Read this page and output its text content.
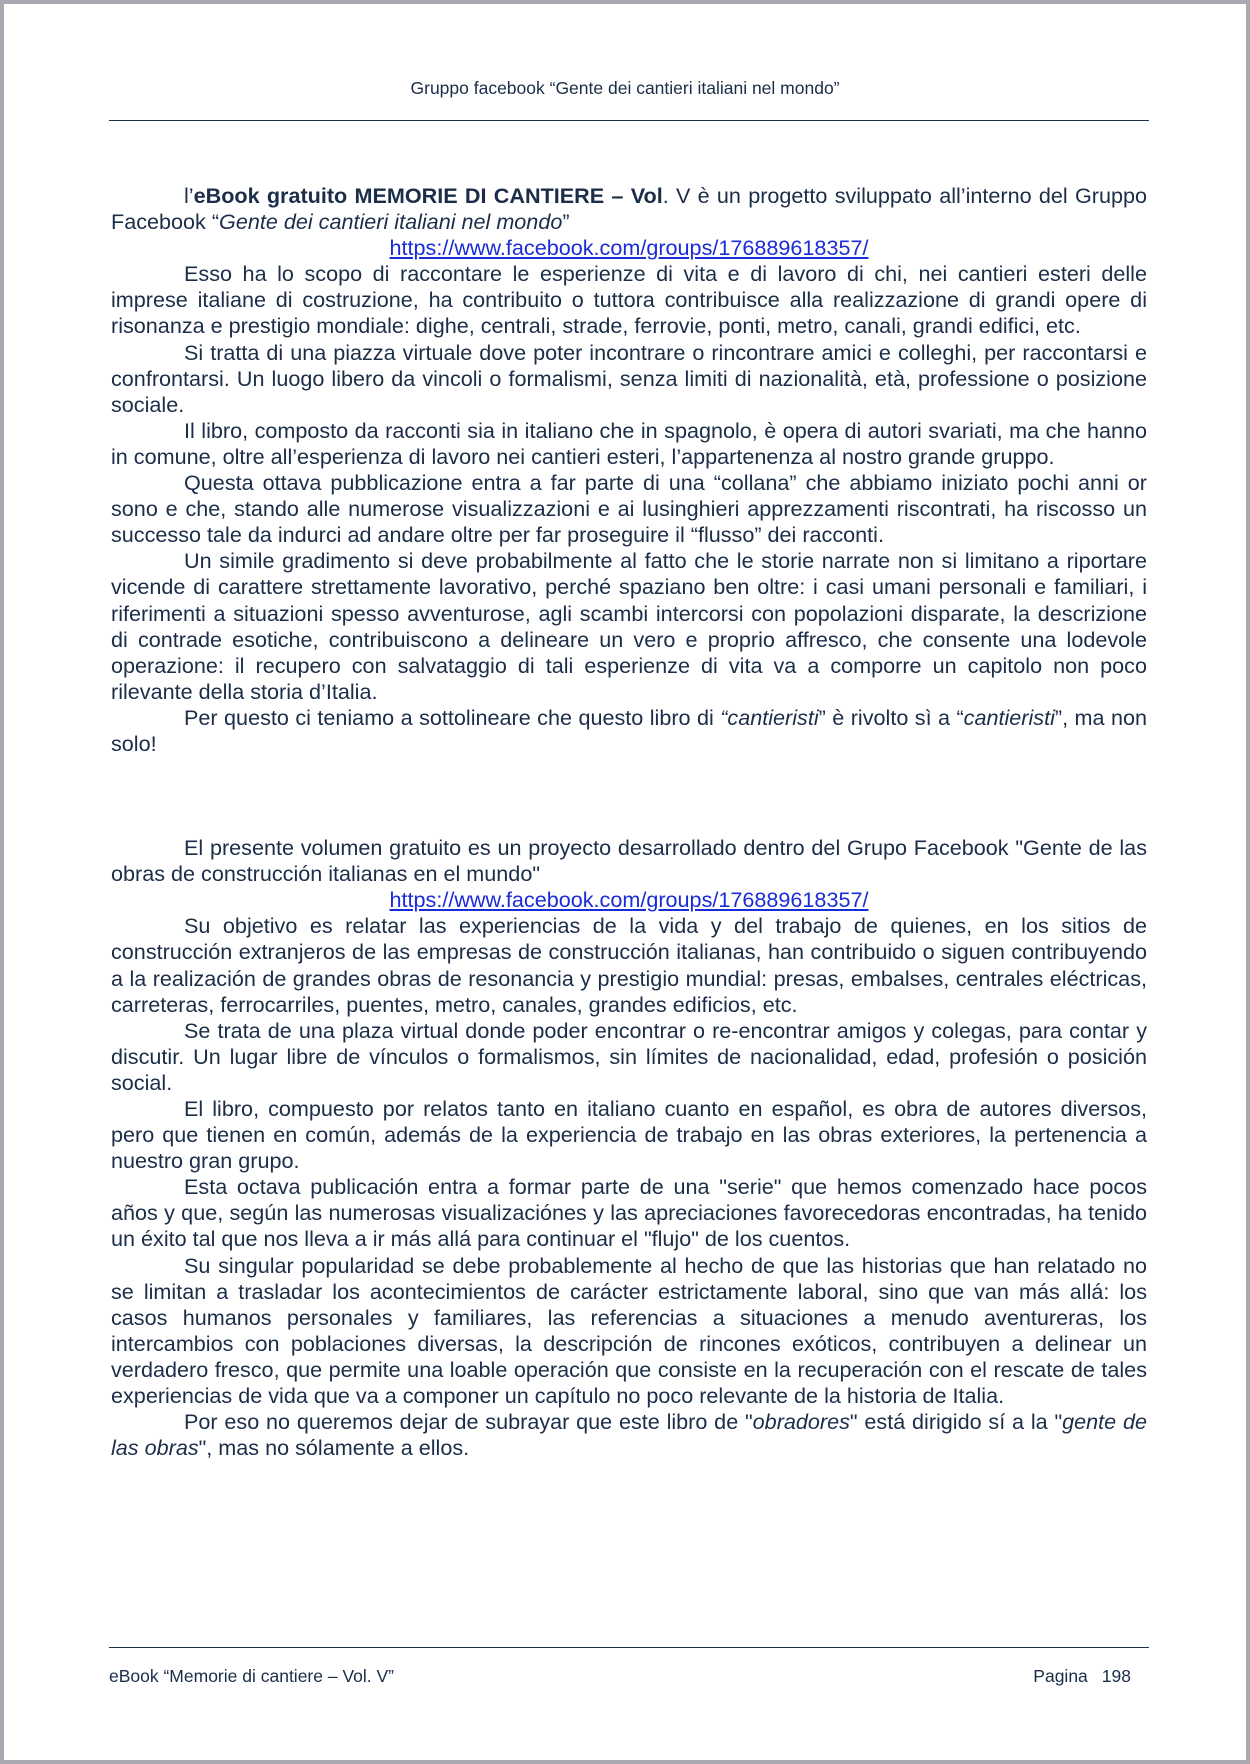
Gruppo facebook “Gente dei cantieri italiani nel mondo”

l’eBook gratuito MEMORIE DI CANTIERE – Vol. V è un progetto sviluppato all’interno del Gruppo Facebook “Gente dei cantieri italiani nel mondo”

https://www.facebook.com/groups/176889618357/

Esso ha lo scopo di raccontare le esperienze di vita e di lavoro di chi, nei cantieri esteri delle imprese italiane di costruzione, ha contribuito o tuttora contribuisce alla realizzazione di grandi opere di risonanza e prestigio mondiale: dighe, centrali, strade, ferrovie, ponti, metro, canali, grandi edifici, etc.

Si tratta di una piazza virtuale dove poter incontrare o rincontrare amici e colleghi, per raccontarsi e confrontarsi. Un luogo libero da vincoli o formalismi, senza limiti di nazionalità, età, professione o posizione sociale.

Il libro, composto da racconti sia in italiano che in spagnolo, è opera di autori svariati, ma che hanno in comune, oltre all’esperienza di lavoro nei cantieri esteri, l’appartenenza al nostro grande gruppo.

Questa ottava pubblicazione entra a far parte di una “collana” che abbiamo iniziato pochi anni or sono e che, stando alle numerose visualizzazioni e ai lusinghieri apprezzamenti riscontrati, ha riscosso un successo tale da indurci ad andare oltre per far proseguire il “flusso” dei racconti.

Un simile gradimento si deve probabilmente al fatto che le storie narrate non si limitano a riportare vicende di carattere strettamente lavorativo, perché spaziano ben oltre: i casi umani personali e familiari, i riferimenti a situazioni spesso avventurose, agli scambi intercorsi con popolazioni disparate, la descrizione di contrade esotiche, contribuiscono a delineare un vero e proprio affresco, che consente una lodevole operazione: il recupero con salvataggio di tali esperienze di vita va a comporre un capitolo non poco rilevante della storia d’Italia.

Per questo ci teniamo a sottolineare che questo libro di “cantieristi” è rivolto sì a “cantieristi”, ma non solo!

El presente volumen gratuito es un proyecto desarrollado dentro del Grupo Facebook "Gente de las obras de construcción italianas en el mundo"

https://www.facebook.com/groups/176889618357/

Su objetivo es relatar las experiencias de la vida y del trabajo de quienes, en los sitios de construcción extranjeros de las empresas de construcción italianas, han contribuido o siguen contribuyendo a la realización de grandes obras de resonancia y prestigio mundial: presas, embalses, centrales eléctricas, carreteras, ferrocarriles, puentes, metro, canales, grandes edificios, etc.

Se trata de una plaza virtual donde poder encontrar o re-encontrar amigos y colegas, para contar y discutir. Un lugar libre de vínculos o formalismos, sin límites de nacionalidad, edad, profesión o posición social.

El libro, compuesto por relatos tanto en italiano cuanto en español, es obra de autores diversos, pero que tienen en común, además de la experiencia de trabajo en las obras exteriores, la pertenencia a nuestro gran grupo.

Esta octava publicación entra a formar parte de una "serie" que hemos comenzado hace pocos años y que, según las numerosas visualizaciónes y las apreciaciones favorecedoras encontradas, ha tenido un éxito tal que nos lleva a ir más allá para continuar el "flujo" de los cuentos.

Su singular popularidad se debe probablemente al hecho de que las historias que han relatado no se limitan a trasladar los acontecimientos de carácter estrictamente laboral, sino que van más allá: los casos humanos personales y familiares, las referencias a situaciones a menudo aventureras, los intercambios con poblaciones diversas, la descripción de rincones exóticos, contribuyen a delinear un verdadero fresco, que permite una loable operación que consiste en la recuperación con el rescate de tales experiencias de vida que va a componer un capítulo no poco relevante de la historia de Italia.

Por eso no queremos dejar de subrayar que este libro de "obradores" está dirigido sí a la "gente de las obras", mas no sólamente a ellos.

eBook “Memorie di cantiere – Vol. V”	Pagina 198
